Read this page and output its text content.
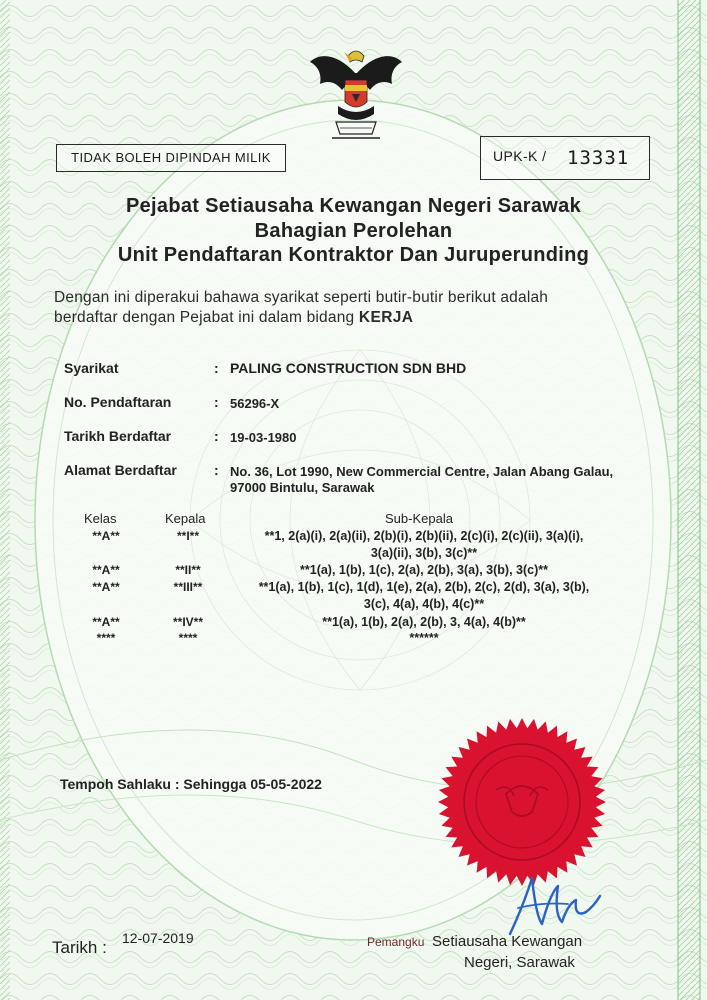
TIDAK BOLEH DIPINDAH MILIK	UPK-K / 13331
Pejabat Setiausaha Kewangan Negeri Sarawak
Bahagian Perolehan
Unit Pendaftaran Kontraktor Dan Juruperunding
Dengan ini diperakui bahawa syarikat seperti butir-butir berikut adalah
berdaftar dengan Pejabat ini dalam bidang KERJA
Syarikat	: PALING CONSTRUCTION SDN BHD
No. Pendaftaran	: 56296-X
Tarikh Berdaftar	: 19-03-1980
Alamat Berdaftar	: No. 36, Lot 1990, New Commercial Centre, Jalan Abang Galau,
97000 Bintulu, Sarawak
Kelas	Kepala	Sub-Kepala
**A**	**I**	**1, 2(a)(i), 2(a)(ii), 2(b)(i), 2(b)(ii), 2(c)(i), 2(c)(ii), 3(a)(i),
3(a)(ii), 3(b), 3(c)**
**A**	**II**	**1(a), 1(b), 1(c), 2(a), 2(b), 3(a), 3(b), 3(c)**
**A**	**III**	**1(a), 1(b), 1(c), 1(d), 1(e), 2(a), 2(b), 2(c), 2(d), 3(a), 3(b),
3(c), 4(a), 4(b), 4(c)**
**A**	**IV**	**1(a), 1(b), 2(a), 2(b), 3, 4(a), 4(b)**
****	****	******
Tempoh Sahlaku : Sehingga 05-05-2022
Tarikh : 12-07-2019	Pemangku Setiausaha Kewangan
Negeri, Sarawak
